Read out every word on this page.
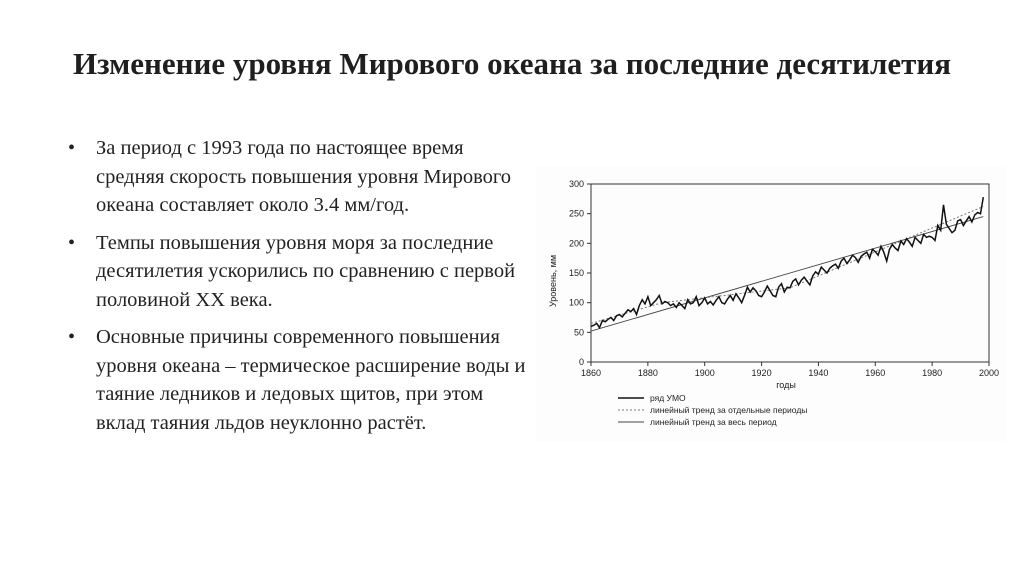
Изменение уровня Мирового океана за последние десятилетия
• За период с 1993 года по настоящее время средняя скорость повышения уровня Мирового океана составляет около 3.4 мм/год.
• Темпы повышения уровня моря за последние десятилетия ускорились по сравнению с первой половиной XX века.
• Основные причины современного повышения уровня океана – термическое расширение воды и таяние ледников и ледовых щитов, при этом вклад таяния льдов неуклонно растёт.
1860	1880	1900	1920	1940	1960	1980	2000
0
50
100
150
200
250
300
ряд УМО
линейный тренд за отдельные периоды
линейный тренд за весь период
годы
Уровень, мм
